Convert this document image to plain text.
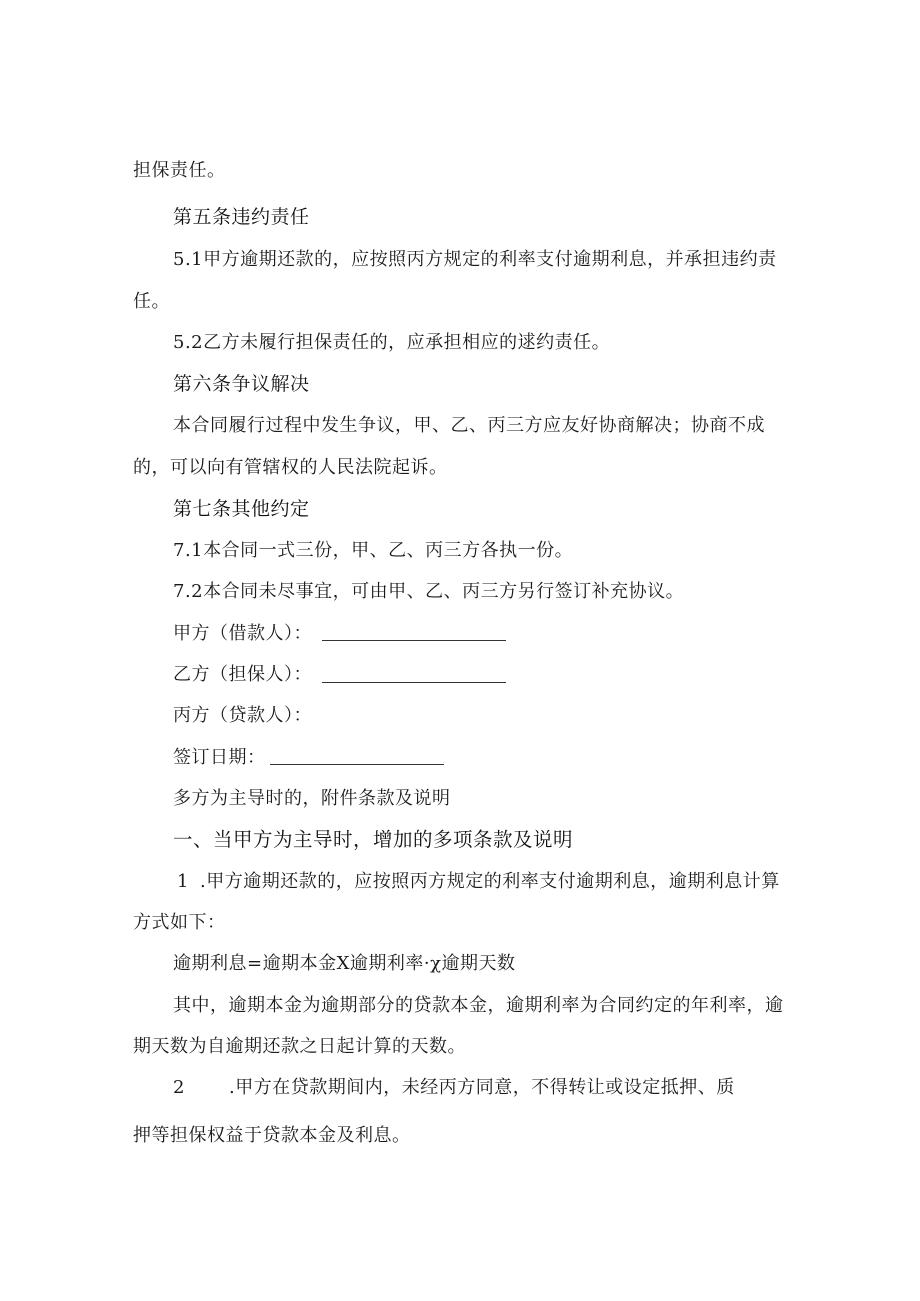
担保责任。
第五条违约责任
5.1甲方逾期还款的，应按照丙方规定的利率支付逾期利息，并承担违约责
任。
5.2乙方未履行担保责任的，应承担相应的逑约责任。
第六条争议解决
本合同履行过程中发生争议，甲、乙、丙三方应友好协商解决；协商不成
的，可以向有管辖权的人民法院起诉。
第七条其他约定
7.1本合同一式三份，甲、乙、丙三方各执一份。
7.2本合同未尽事宜，可由甲、乙、丙三方另行签订补充协议。
甲方（借款人）：
乙方（担保人）：
丙方（贷款人）：
签订日期：
多方为主导时的，附件条款及说明
一、当甲方为主导时，增加的多项条款及说明
1 .甲方逾期还款的，应按照丙方规定的利率支付逾期利息，逾期利息计算
方式如下：
逾期利息=逾期本金X逾期利率·χ逾期天数
其中，逾期本金为逾期部分的贷款本金，逾期利率为合同约定的年利率，逾
期天数为自逾期还款之日起计算的天数。
2 .甲方在贷款期间内，未经丙方同意，不得转让或设定抵押、质
押等担保权益于贷款本金及利息。
